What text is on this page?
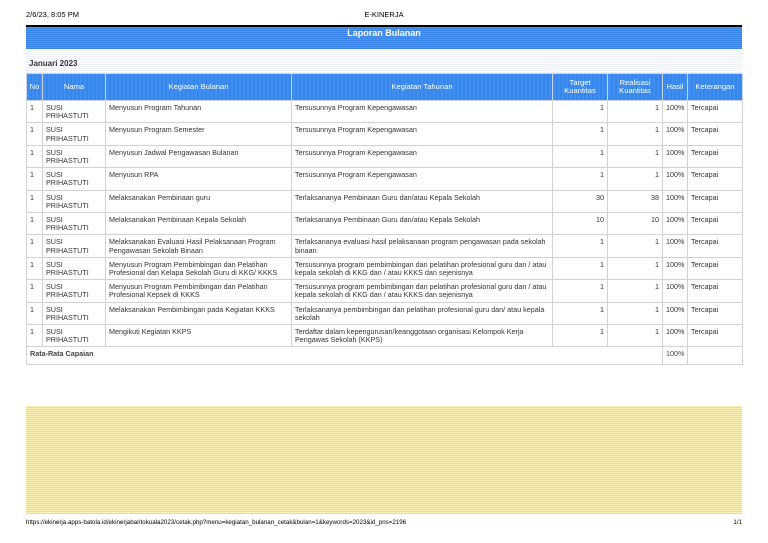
2/6/23, 8:05 PM	E-KINERJA
Laporan Bulanan
Januari 2023
No	Nama	Kegiatan Bulanan	Kegiatan Tahunan	Target Kuantitas	Realisasi Kuantitas	Hasil	Keterangan
1	SUSI PRIHASTUTI	Menyusun Program Tahunan	Tersusunnya Program Kepengawasan	1	1	100%	Tercapai
1	SUSI PRIHASTUTI	Menyusun Program Semester	Tersusunnya Program Kepengawasan	1	1	100%	Tercapai
1	SUSI PRIHASTUTI	Menyusun Jadwal Pengawasan Bulanan	Tersusunnya Program Kepengawasan	1	1	100%	Tercapai
1	SUSI PRIHASTUTI	Menyusun RPA	Tersusunnya Program Kepengawasan	1	1	100%	Tercapai
1	SUSI PRIHASTUTI	Melaksanakan Pembinaan guru	Terlaksananya Pembinaan Guru dan/atau Kepala Sekolah	30	38	100%	Tercapai
1	SUSI PRIHASTUTI	Melaksanakan Pembinaan Kepala Sekolah	Terlaksananya Pembinaan Guru dan/atau Kepala Sekolah	10	10	100%	Tercapai
1	SUSI PRIHASTUTI	Melaksanakan Evaluasi Hasil Pelaksanaan Program Pengawasan Sekolah Binaan	Terlaksananya evaluasi hasil pelaksanaan program pengawasan pada sekolah binaan	1	1	100%	Tercapai
1	SUSI PRIHASTUTI	Menyusun Program Pembimbingan dan Pelatihan Profesional dan Kelapa Sekolah Guru di KKG/ KKKS	Tersusunnya program pembimbingan dan pelatihan profesional guru dan / atau kepala sekolah di KKG dan / atau KKKS dan sejenisnya	1	1	100%	Tercapai
1	SUSI PRIHASTUTI	Menyusun Program Pembimbingan dan Pelatihan Profesional Kepsek di KKKS	Tersusunnya program pembimbingan dan pelatihan profesional guru dan / atau kepala sekolah di KKG dan / atau KKKS dan sejenisnya	1	1	100%	Tercapai
1	SUSI PRIHASTUTI	Melaksanakan Pembimbingan pada Kegiatan KKKS	Terlaksananya pembimbingan dan pelatihan profesional guru dan/ atau kepala sekolah	1	1	100%	Tercapai
1	SUSI PRIHASTUTI	Mengikuti Kegiatan KKPS	Terdaftar dalam kepengurusan/keanggotaan organisasi Kelompok Kerja Pengawas Sekolah (KKPS)	1	1	100%	Tercapai
Rata-Rata Capaian						100%	
https://ekinerja.apps-batola.id/ekinerjabaritokuala2023/cetak.php?menu=kegiatan_bulanan_cetak&bulan=1&keywords=2023&id_pns=2196	1/1
